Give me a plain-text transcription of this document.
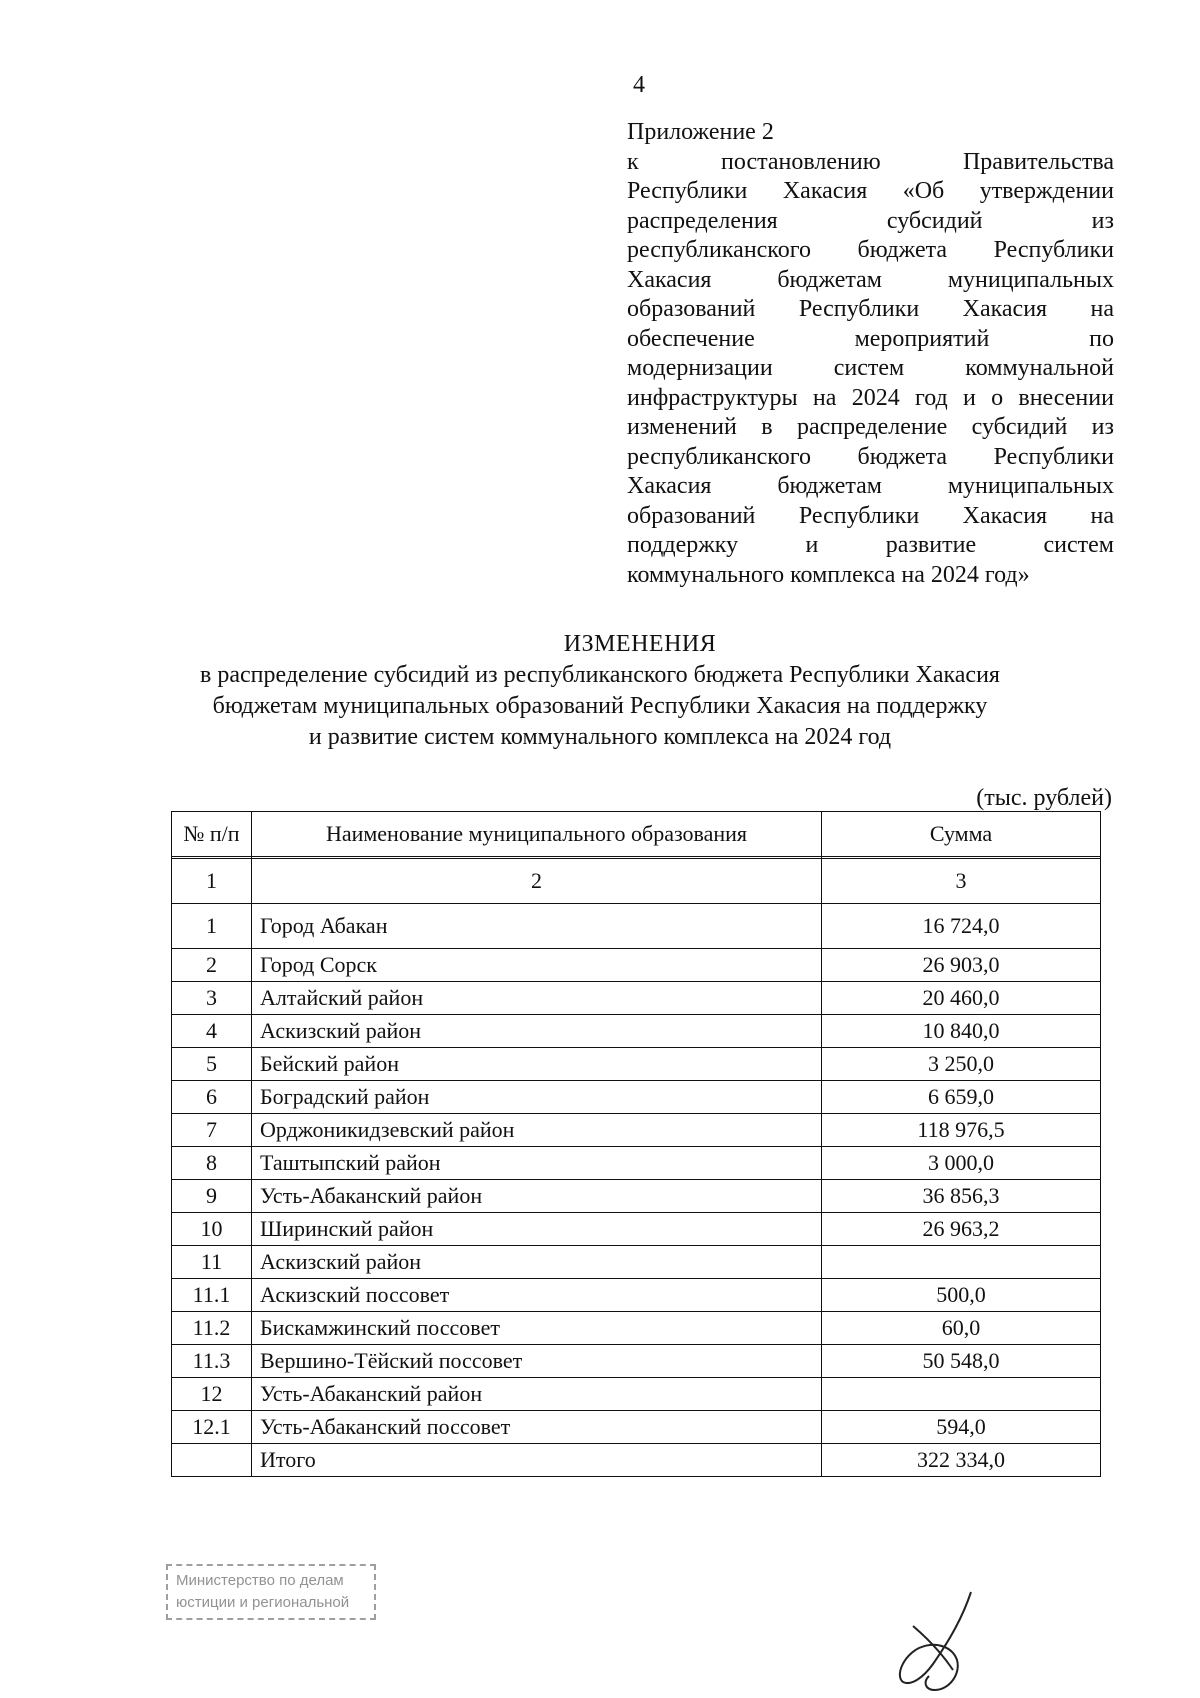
4
Приложение 2
к	постановлению	Правительства
Республики Хакасия «Об утверждении
распределения	субсидий	из
республиканского бюджета Республики
Хакасия	бюджетам	муниципальных
образований Республики Хакасия на
обеспечение	мероприятий	по
модернизации	систем	коммунальной
инфраструктуры на 2024 год и о внесении
изменений в распределение субсидий из
республиканского бюджета Республики
Хакасия	бюджетам	муниципальных
образований Республики Хакасия на
поддержку	и	развитие	систем
коммунального комплекса на 2024 год»
ИЗМЕНЕНИЯ
в распределение субсидий из республиканского бюджета Республики Хакасия
бюджетам муниципальных образований Республики Хакасия на поддержку
и развитие систем коммунального комплекса на 2024 год
(тыс. рублей)
№ п/п	Наименование муниципального образования	Сумма

1	2	3
1	Город Абакан	16 724,0
2	Город Сорск	26 903,0
3	Алтайский район	20 460,0
4	Аскизский район	10 840,0
5	Бейский район	3 250,0
6	Боградский район	6 659,0
7	Орджоникидзевский район	118 976,5
8	Таштыпский район	3 000,0
9	Усть-Абаканский район	36 856,3
10	Ширинский район	26 963,2
11	Аскизский район	
11.1	Аскизский поссовет	500,0
11.2	Бискамжинский поссовет	60,0
11.3	Вершино-Тёйский поссовет	50 548,0
12	Усть-Абаканский район	
12.1	Усть-Абаканский поссовет	594,0
	Итого	322 334,0
Министерство по делам
юстиции и региональной
